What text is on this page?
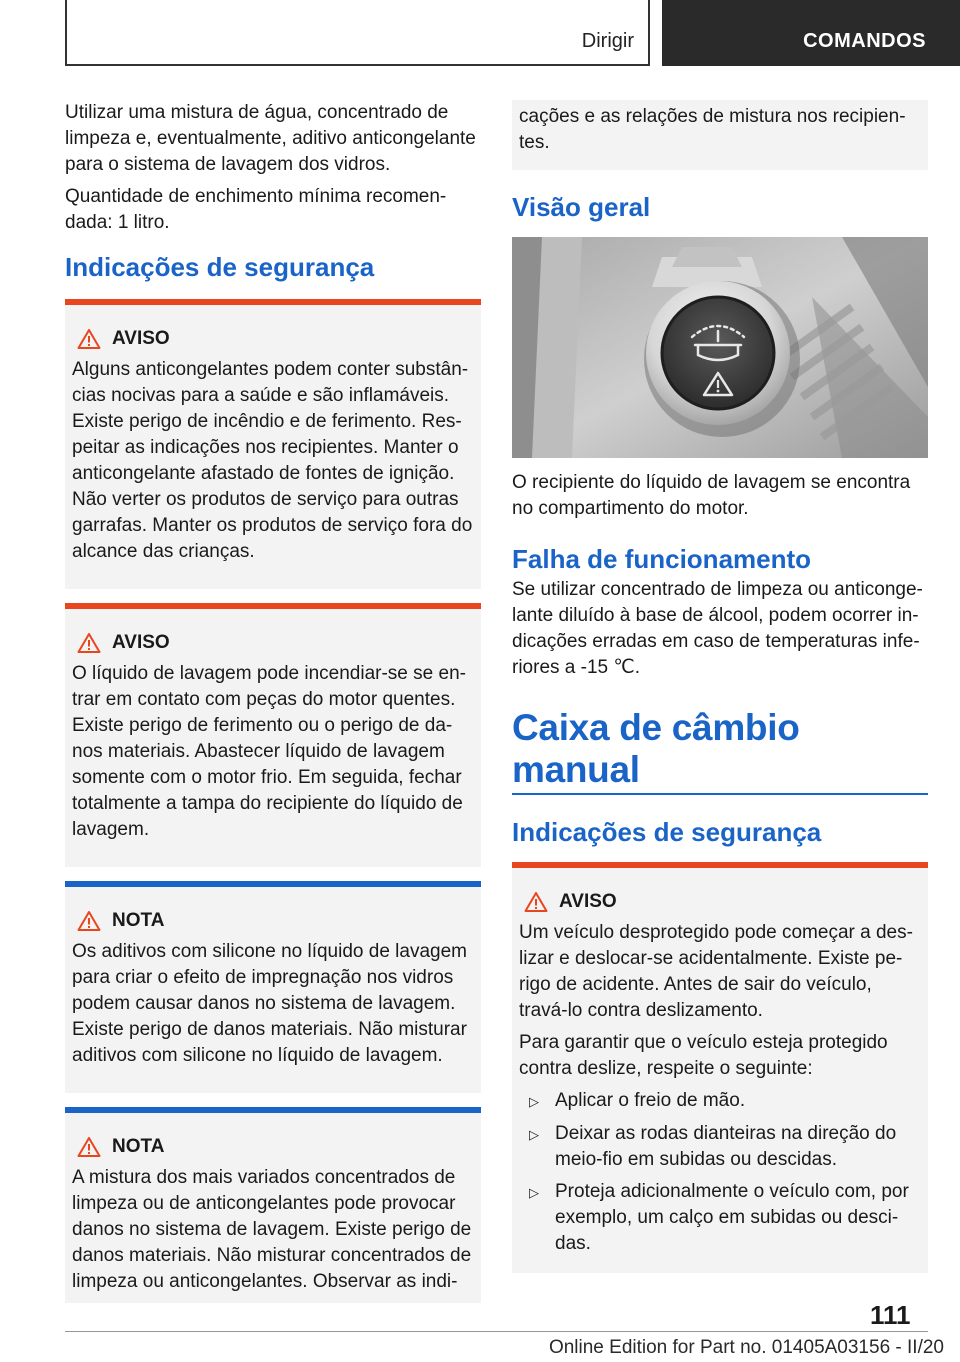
Dirigir	COMANDOS

Utilizar uma mistura de água, concentrado de limpeza e, eventualmente, aditivo anticongelante para o sistema de lavagem dos vidros.

Quantidade de enchimento mínima recomen-dada: 1 litro.

Indicações de segurança
AVISO

Alguns anticongelantes podem conter substân-cias nocivas para a saúde e são inflamáveis. Existe perigo de incêndio e de ferimento. Res-peitar as indicações nos recipientes. Manter o anticongelante afastado de fontes de ignição. Não verter os produtos de serviço para outras garrafas. Manter os produtos de serviço fora do alcance das crianças.

AVISO

O líquido de lavagem pode incendiar-se se en-trar em contato com peças do motor quentes. Existe perigo de ferimento ou o perigo de da-nos materiais. Abastecer líquido de lavagem somente com o motor frio. Em seguida, fechar totalmente a tampa do recipiente do líquido de lavagem.

NOTA

Os aditivos com silicone no líquido de lavagem para criar o efeito de impregnação nos vidros podem causar danos no sistema de lavagem. Existe perigo de danos materiais. Não misturar aditivos com silicone no líquido de lavagem.

NOTA

A mistura dos mais variados concentrados de limpeza ou de anticongelantes pode provocar danos no sistema de lavagem. Existe perigo de danos materiais. Não misturar concentrados de limpeza ou anticongelantes. Observar as indi-

cações e as relações de mistura nos recipien-tes.

Visão geral

O recipiente do líquido de lavagem se encontra no compartimento do motor.

Falha de funcionamento

Se utilizar concentrado de limpeza ou anticonge-lante diluído à base de álcool, podem ocorrer in-dicações erradas em caso de temperaturas infe-riores a -15 ℃.

Caixa de câmbio manual
Indicações de segurança
AVISO

Um veículo desprotegido pode começar a des-lizar e deslocar-se acidentalmente. Existe pe-rigo de acidente. Antes de sair do veículo, travá-lo contra deslizamento.

Para garantir que o veículo esteja protegido contra deslize, respeite o seguinte:

▷ Aplicar o freio de mão.
▷ Deixar as rodas dianteiras na direção do meio-fio em subidas ou descidas.
▷ Proteja adicionalmente o veículo com, por exemplo, um calço em subidas ou desci-das.
111
Online Edition for Part no. 01405A03156 - II/20
